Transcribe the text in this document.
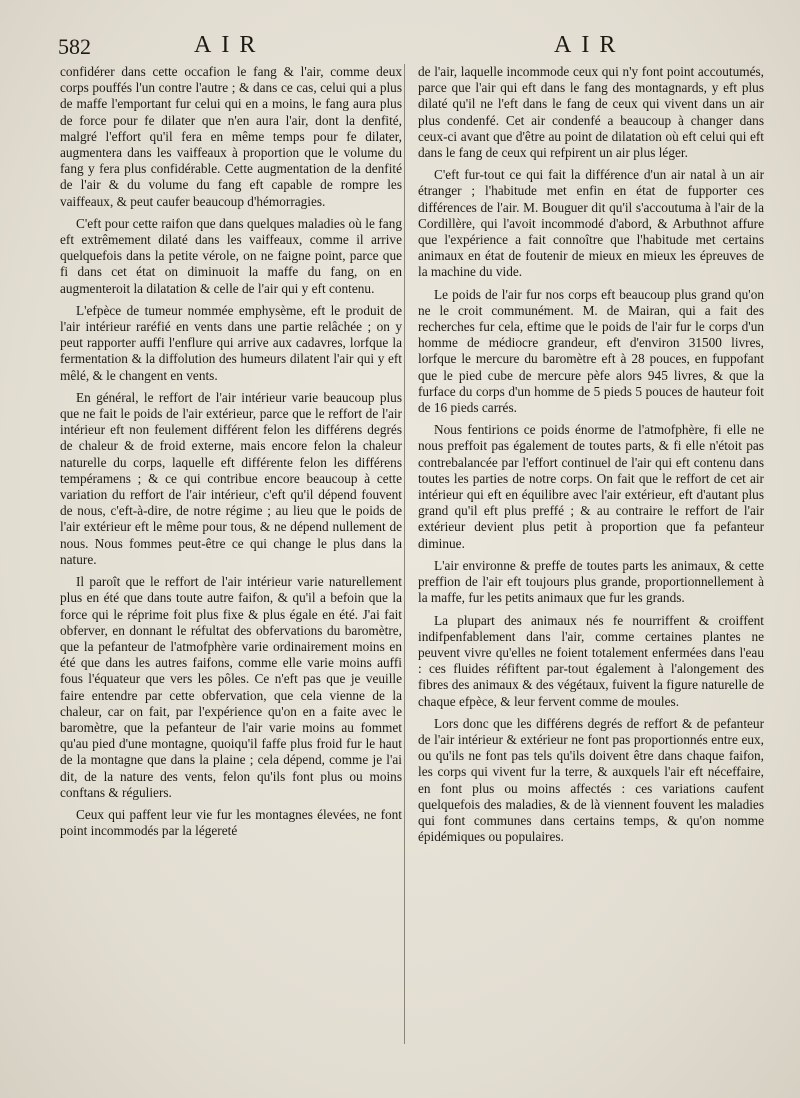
582	AIR	AIR

confidérer dans cette occafion le fang & l'air, comme deux corps pouffés l'un contre l'autre ; & dans ce cas, celui qui a plus de maffe l'emportant fur celui qui en a moins, le fang aura plus de force pour fe dilater que n'en aura l'air, dont la denfité, malgré l'effort qu'il fera en même temps pour fe dilater, augmentera dans les vaiffeaux à proportion que le volume du fang y fera plus confidérable. Cette augmentation de la denfité de l'air & du volume du fang eft capable de rompre les vaiffeaux, & peut caufer beaucoup d'hémorragies.

C'eft pour cette raifon que dans quelques maladies où le fang eft extrêmement dilaté dans les vaiffeaux, comme il arrive quelquefois dans la petite vérole, on ne faigne point, parce que fi dans cet état on diminuoit la maffe du fang, on en augmenteroit la dilatation & celle de l'air qui y eft contenu.

L'efpèce de tumeur nommée emphysème, eft le produit de l'air intérieur raréfié en vents dans une partie relâchée ; on y peut rapporter auffi l'enflure qui arrive aux cadavres, lorfque la fermentation & la diffolution des humeurs dilatent l'air qui y eft mêlé, & le changent en vents.

En général, le reffort de l'air intérieur varie beaucoup plus que ne fait le poids de l'air extérieur, parce que le reffort de l'air intérieur eft non feulement différent felon les différens degrés de chaleur & de froid externe, mais encore felon la chaleur naturelle du corps, laquelle eft différente felon les différens tempéramens ; & ce qui contribue encore beaucoup à cette variation du reffort de l'air intérieur, c'eft qu'il dépend fouvent de nous, c'eft-à-dire, de notre régime ; au lieu que le poids de l'air extérieur eft le même pour tous, & ne dépend nullement de nous. Nous fommes peut-être ce qui change le plus dans la nature.

Il paroît que le reffort de l'air intérieur varie naturellement plus en été que dans toute autre faifon, & qu'il a befoin que la force qui le réprime foit plus fixe & plus égale en été. J'ai fait obferver, en donnant le réfultat des obfervations du baromètre, que la pefanteur de l'atmofphère varie ordinairement moins en été que dans les autres faifons, comme elle varie moins auffi fous l'équateur que vers les pôles. Ce n'eft pas que je veuille faire entendre par cette obfervation, que cela vienne de la chaleur, car on fait, par l'expérience qu'on en a faite avec le baromètre, que la pefanteur de l'air varie moins au fommet qu'au pied d'une montagne, quoiqu'il faffe plus froid fur le haut de la montagne que dans la plaine ; cela dépend, comme je l'ai dit, de la nature des vents, felon qu'ils font plus ou moins conftans & réguliers.

Ceux qui paffent leur vie fur les montagnes élevées, ne font point incommodés par la légereté

de l'air, laquelle incommode ceux qui n'y font point accoutumés, parce que l'air qui eft dans le fang des montagnards, y eft plus dilaté qu'il ne l'eft dans le fang de ceux qui vivent dans un air plus condenfé. Cet air condenfé a beaucoup à changer dans ceux-ci avant que d'être au point de dilatation où eft celui qui eft dans le fang de ceux qui refpirent un air plus léger.

C'eft fur-tout ce qui fait la différence d'un air natal à un air étranger ; l'habitude met enfin en état de fupporter ces différences de l'air. M. Bouguer dit qu'il s'accoutuma à l'air de la Cordillère, qui l'avoit incommodé d'abord, & Arbuthnot affure que l'expérience a fait connoître que l'habitude met certains animaux en état de foutenir de mieux en mieux les épreuves de la machine du vide.

Le poids de l'air fur nos corps eft beaucoup plus grand qu'on ne le croit communément. M. de Mairan, qui a fait des recherches fur cela, eftime que le poids de l'air fur le corps d'un homme de médiocre grandeur, eft d'environ 31500 livres, lorfque le mercure du baromètre eft à 28 pouces, en fuppofant que le pied cube de mercure pèfe alors 945 livres, & que la furface du corps d'un homme de 5 pieds 5 pouces de hauteur foit de 16 pieds carrés.

Nous fentirions ce poids énorme de l'atmofphère, fi elle ne nous preffoit pas également de toutes parts, & fi elle n'étoit pas contrebalancée par l'effort continuel de l'air qui eft contenu dans toutes les parties de notre corps. On fait que le reffort de cet air intérieur qui eft en équilibre avec l'air extérieur, eft d'autant plus grand qu'il eft plus preffé ; & au contraire le reffort de l'air extérieur devient plus petit à proportion que fa pefanteur diminue.

L'air environne & preffe de toutes parts les animaux, & cette preffion de l'air eft toujours plus grande, proportionnellement à la maffe, fur les petits animaux que fur les grands.

La plupart des animaux nés fe nourriffent & croiffent indifpenfablement dans l'air, comme certaines plantes ne peuvent vivre qu'elles ne foient totalement enfermées dans l'eau : ces fluides réfiftent par-tout également à l'alongement des fibres des animaux & des végétaux, fuivent la figure naturelle de chaque efpèce, & leur fervent comme de moules.

Lors donc que les différens degrés de reffort & de pefanteur de l'air intérieur & extérieur ne font pas proportionnés entre eux, ou qu'ils ne font pas tels qu'ils doivent être dans chaque faifon, les corps qui vivent fur la terre, & auxquels l'air eft néceffaire, en font plus ou moins affectés : ces variations caufent quelquefois des maladies, & de là viennent fouvent les maladies qui font communes dans certains temps, & qu'on nomme épidémiques ou populaires.
